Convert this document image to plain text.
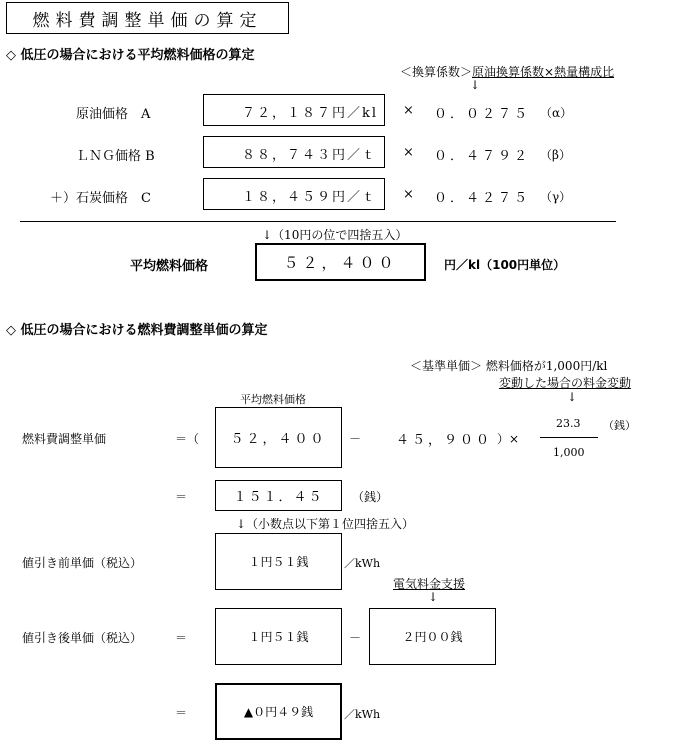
燃料費調整単価の算定
◇ 低圧の場合における平均燃料価格の算定
＜換算係数＞原油換算係数×熱量構成比
↓
原油価格　A	７２，１８７円／kl × ０．０２７５ （α）
ＬＮＧ価格 B	８８，７４３円／ｔ × ０．４７９２ （β）
＋）石炭価格　C	１８，４５９円／ｔ × ０．４２７５ （γ）
↓（10円の位で四捨五入）
平均燃料価格	５２，４００	円／kl（100円単位）
◇ 低圧の場合における燃料費調整単価の算定
＜基準単価＞ 燃料価格が1,000円/kl
変動した場合の料金変動
↓
平均燃料価格
燃料費調整単価	＝（ ５２，４００ －	４５，９００ ）×
23.3 （銭）
1,000
＝	１５１．４５ （銭）
↓（小数点以下第１位四捨五入）
値引き前単価（税込）	１円５１銭	／kWh
電気料金支援
↓
値引き後単価（税込）	＝	１円５１銭	－	２円００銭
＝	▲０円４９銭	／kWh
